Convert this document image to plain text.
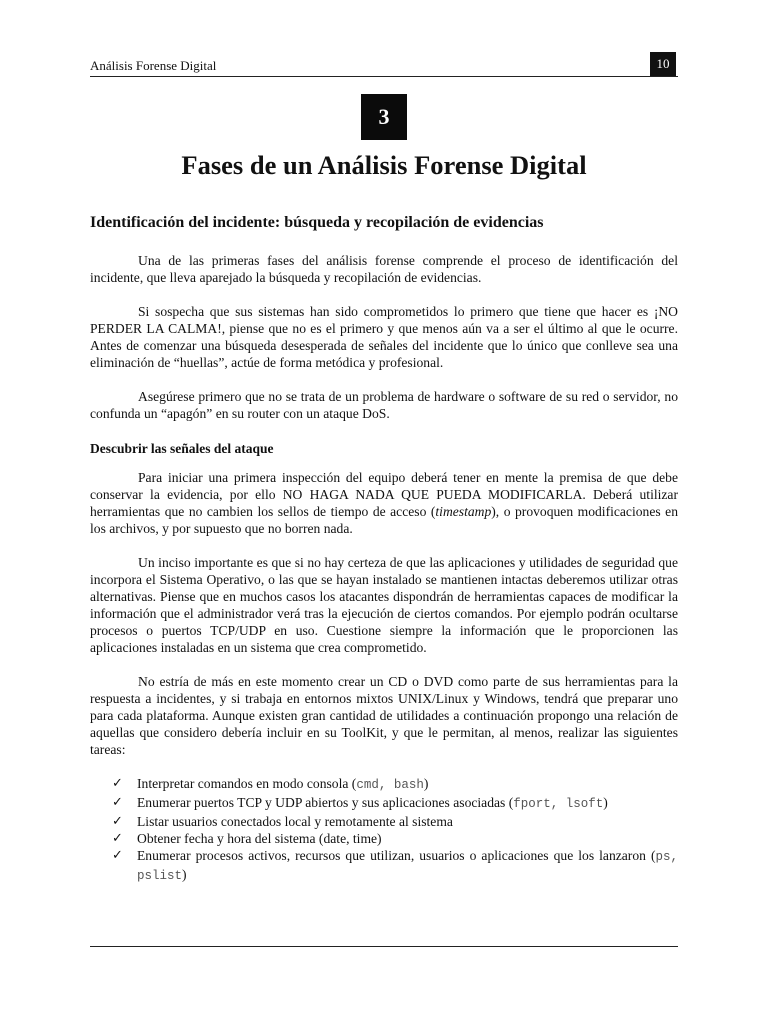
Análisis Forense Digital	10
3
Fases de un Análisis Forense Digital
Identificación del incidente: búsqueda y recopilación de evidencias

Una de las primeras fases del análisis forense comprende el proceso de identificación del incidente, que lleva aparejado la búsqueda y recopilación de evidencias.

Si sospecha que sus sistemas han sido comprometidos lo primero que tiene que hacer es ¡NO PERDER LA CALMA!, piense que no es el primero y que menos aún va a ser el último al que le ocurre. Antes de comenzar una búsqueda desesperada de señales del incidente que lo único que conlleve sea una eliminación de “huellas”, actúe de forma metódica y profesional.

Asegúrese primero que no se trata de un problema de hardware o software de su red o servidor, no confunda un “apagón” en su router con un ataque DoS.

Descubrir las señales del ataque

Para iniciar una primera inspección del equipo deberá tener en mente la premisa de que debe conservar la evidencia, por ello NO HAGA NADA QUE PUEDA MODIFICARLA. Deberá utilizar herramientas que no cambien los sellos de tiempo de acceso (timestamp), o provoquen modificaciones en los archivos, y por supuesto que no borren nada.

Un inciso importante es que si no hay certeza de que las aplicaciones y utilidades de seguridad que incorpora el Sistema Operativo, o las que se hayan instalado se mantienen intactas deberemos utilizar otras alternativas. Piense que en muchos casos los atacantes dispondrán de herramientas capaces de modificar la información que el administrador verá tras la ejecución de ciertos comandos. Por ejemplo podrán ocultarse procesos o puertos TCP/UDP en uso. Cuestione siempre la información que le proporcionen las aplicaciones instaladas en un sistema que crea comprometido.

No estría de más en este momento crear un CD o DVD como parte de sus herramientas para la respuesta a incidentes, y si trabaja en entornos mixtos UNIX/Linux y Windows, tendrá que preparar uno para cada plataforma. Aunque existen gran cantidad de utilidades a continuación propongo una relación de aquellas que considero debería incluir en su ToolKit, y que le permitan, al menos, realizar las siguientes tareas:

✓ Interpretar comandos en modo consola (cmd, bash)
✓ Enumerar puertos TCP y UDP abiertos y sus aplicaciones asociadas (fport, lsoft)
✓ Listar usuarios conectados local y remotamente al sistema
✓ Obtener fecha y hora del sistema (date, time)
✓ Enumerar procesos activos, recursos que utilizan, usuarios o aplicaciones que los lanzaron (ps, pslist)
